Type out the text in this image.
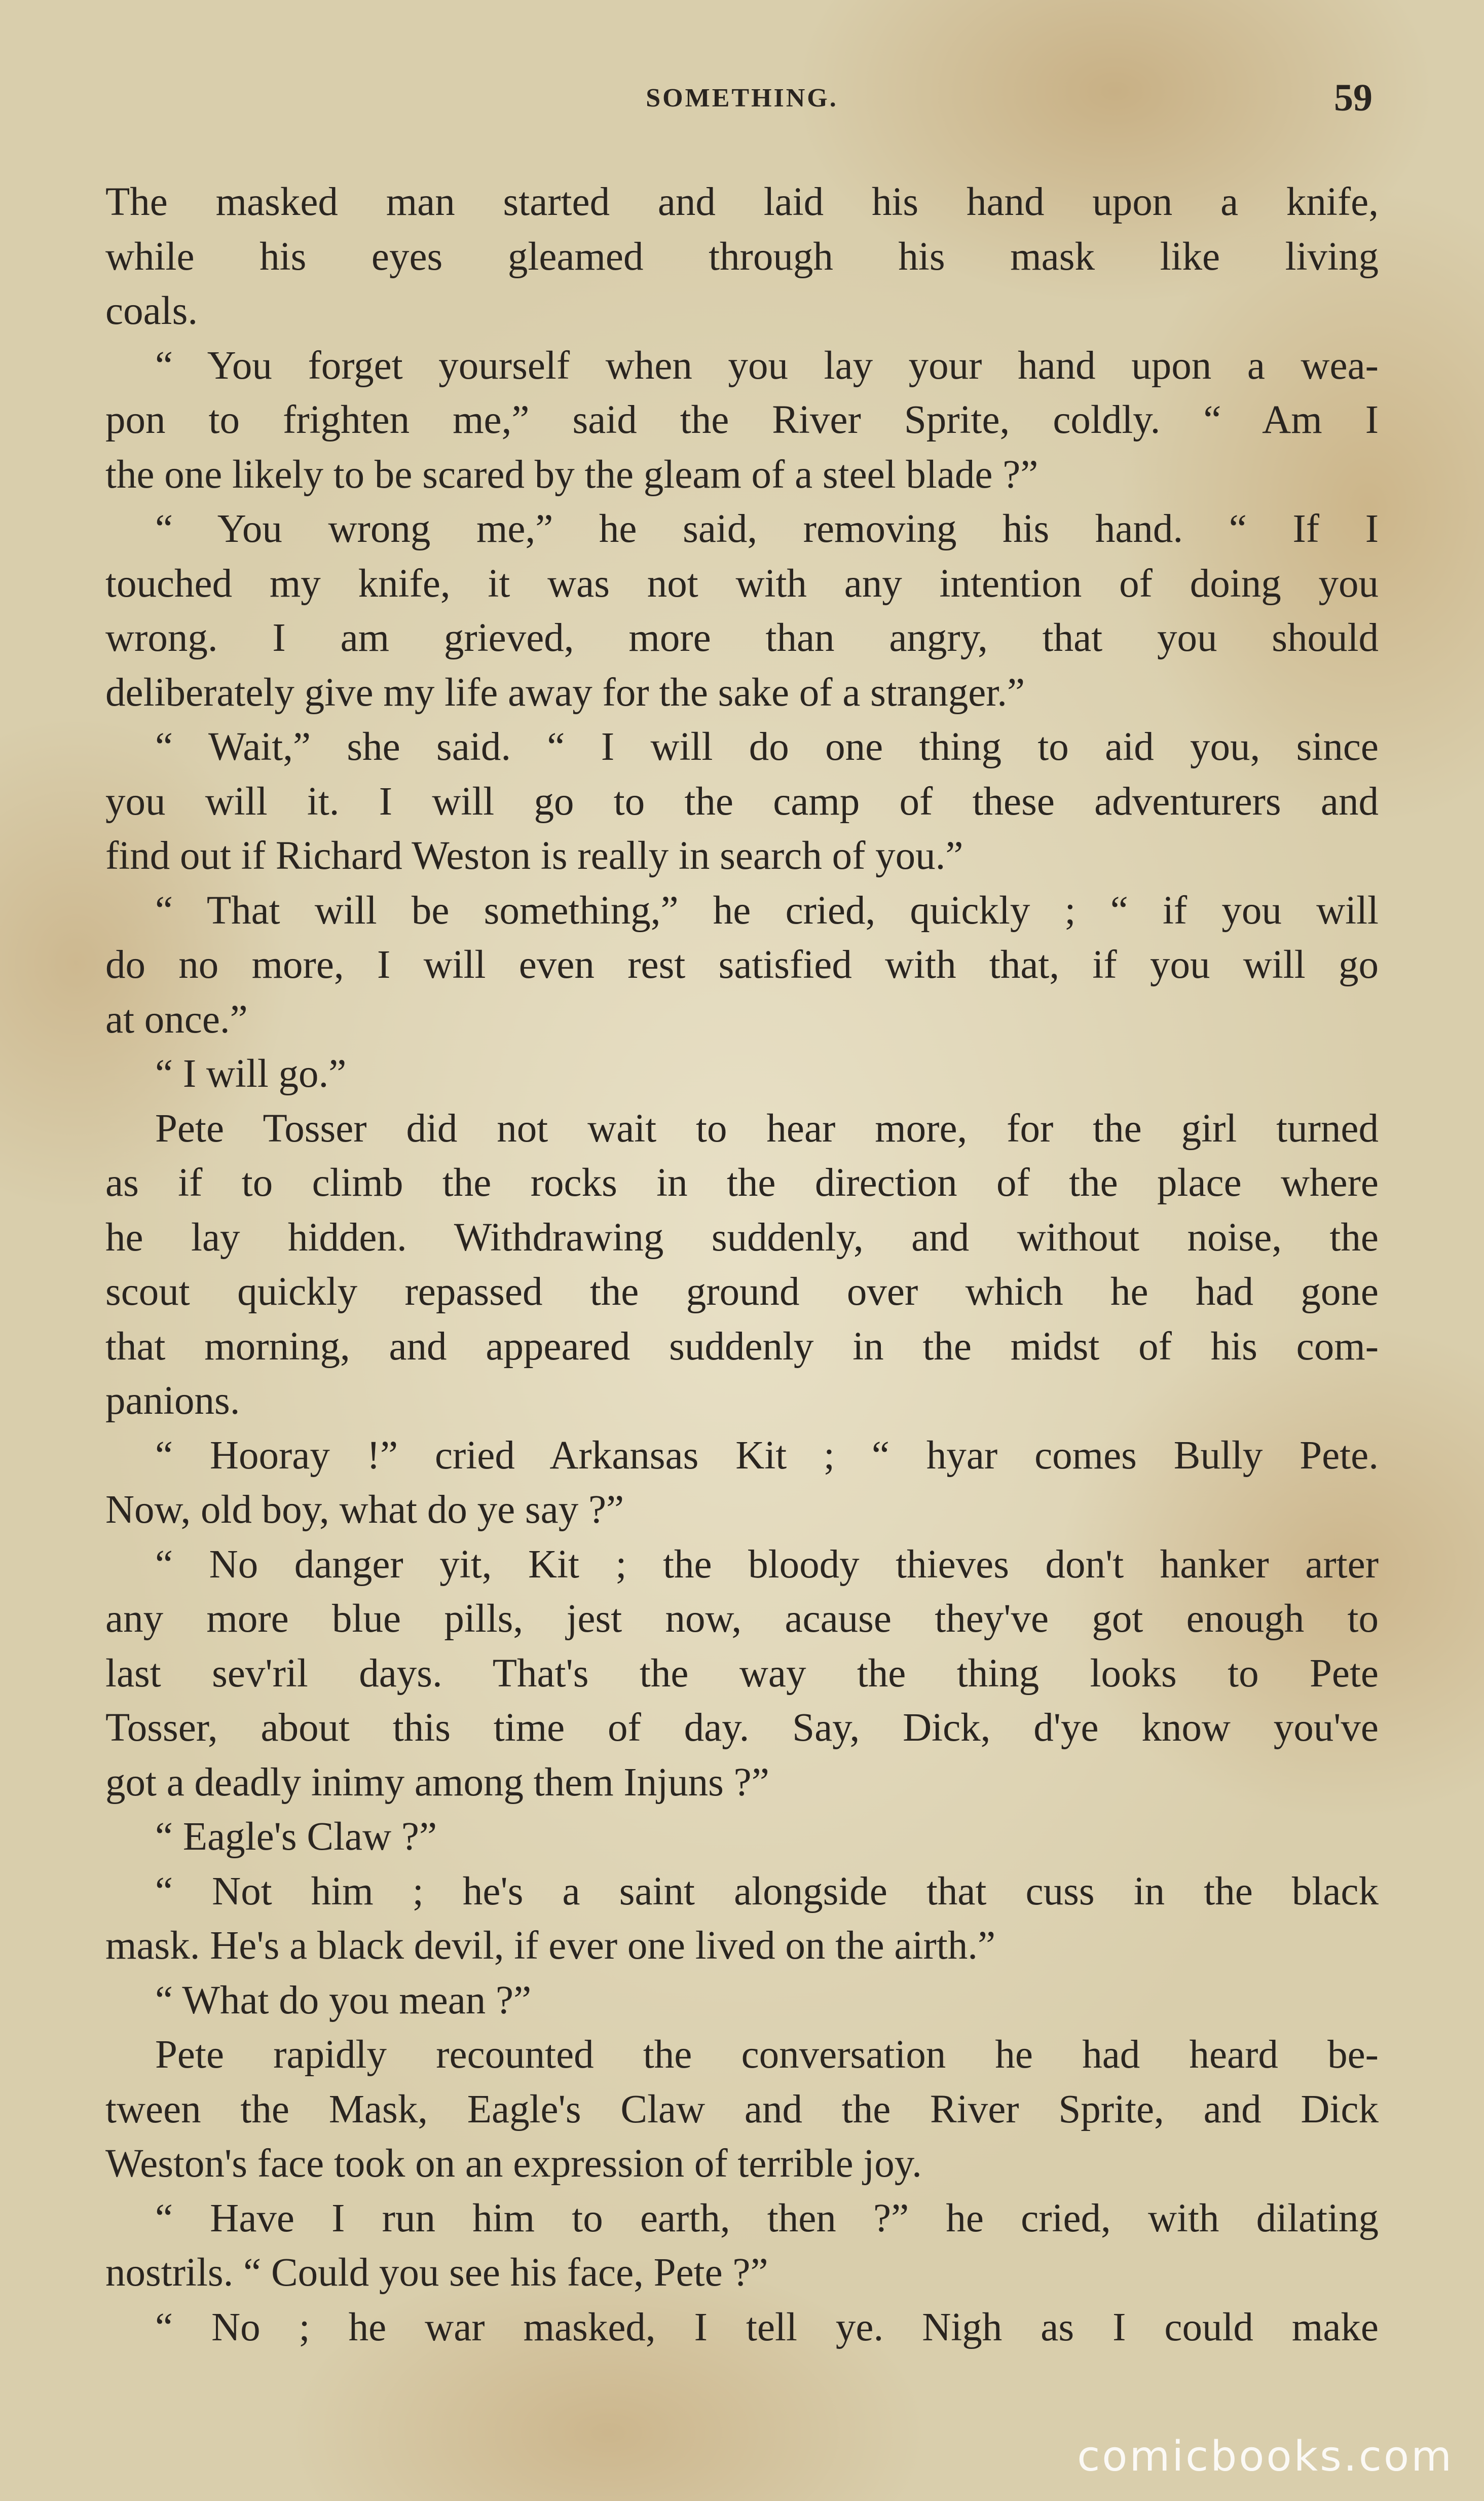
SOMETHING.	59
The masked man started and laid his hand upon a knife,
while his eyes gleamed through his mask like living
coals.
“ You forget yourself when you lay your hand upon a wea-
pon to frighten me,” said the River Sprite, coldly. “ Am I
the one likely to be scared by the gleam of a steel blade ?”
“ You wrong me,” he said, removing his hand. “ If I
touched my knife, it was not with any intention of doing you
wrong. I am grieved, more than angry, that you should
deliberately give my life away for the sake of a stranger.”
“ Wait,” she said. “ I will do one thing to aid you, since
you will it. I will go to the camp of these adventurers and
find out if Richard Weston is really in search of you.”
“ That will be something,” he cried, quickly ; “ if you will
do no more, I will even rest satisfied with that, if you will go
at once.”
“ I will go.”
Pete Tosser did not wait to hear more, for the girl turned
as if to climb the rocks in the direction of the place where
he lay hidden. Withdrawing suddenly, and without noise, the
scout quickly repassed the ground over which he had gone
that morning, and appeared suddenly in the midst of his com-
panions.
“ Hooray !” cried Arkansas Kit ; “ hyar comes Bully Pete.
Now, old boy, what do ye say ?”
“ No danger yit, Kit ; the bloody thieves don't hanker arter
any more blue pills, jest now, acause they've got enough to
last sev'ril days. That's the way the thing looks to Pete
Tosser, about this time of day. Say, Dick, d'ye know you've
got a deadly inimy among them Injuns ?”
“ Eagle's Claw ?”
“ Not him ; he's a saint alongside that cuss in the black
mask. He's a black devil, if ever one lived on the airth.”
“ What do you mean ?”
Pete rapidly recounted the conversation he had heard be-
tween the Mask, Eagle's Claw and the River Sprite, and Dick
Weston's face took on an expression of terrible joy.
“ Have I run him to earth, then ?” he cried, with dilating
nostrils. “ Could you see his face, Pete ?”
“ No ; he war masked, I tell ye. Nigh as I could make
comicbooks.com
